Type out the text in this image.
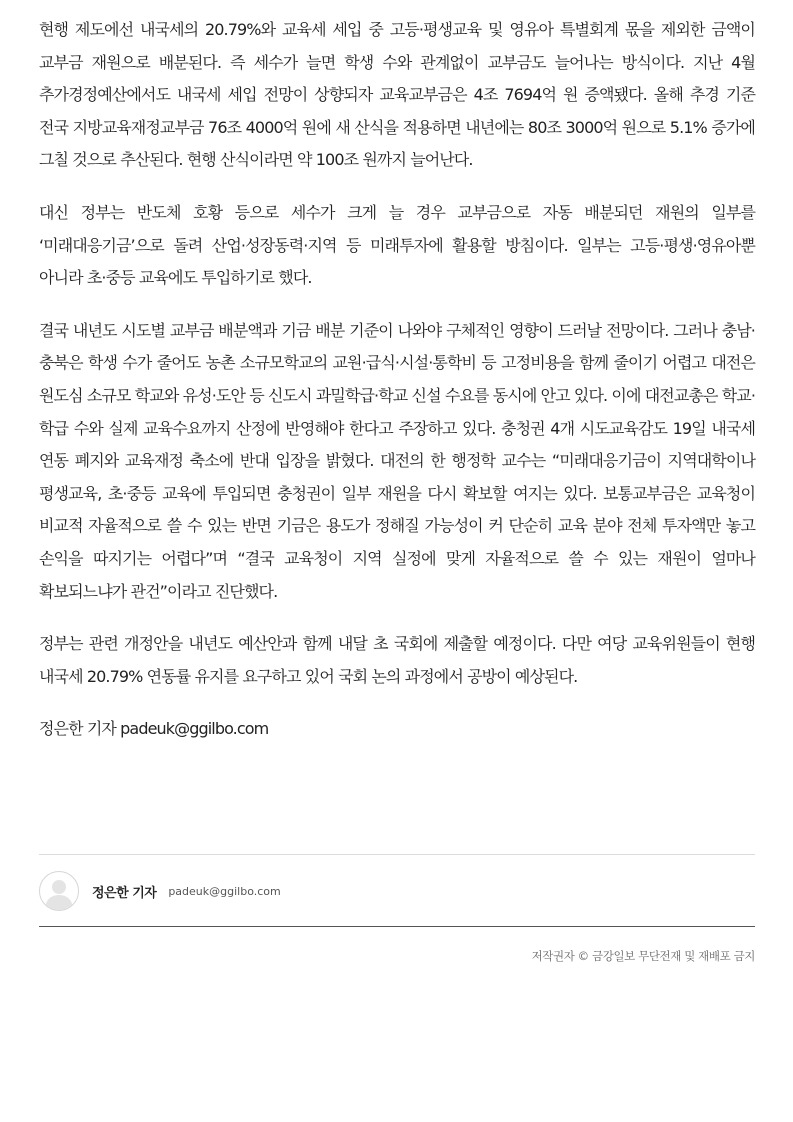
현행 제도에선 내국세의 20.79%와 교육세 세입 중 고등·평생교육 및 영유아 특별회계 몫을 제외한 금액이 교부금 재원으로 배분된다. 즉 세수가 늘면 학생 수와 관계없이 교부금도 늘어나는 방식이다. 지난 4월 추가경정예산에서도 내국세 세입 전망이 상향되자 교육교부금은 4조 7694억 원 증액됐다. 올해 추경 기준 전국 지방교육재정교부금 76조 4000억 원에 새 산식을 적용하면 내년에는 80조 3000억 원으로 5.1% 증가에 그칠 것으로 추산된다. 현행 산식이라면 약 100조 원까지 늘어난다.

대신 정부는 반도체 호황 등으로 세수가 크게 늘 경우 교부금으로 자동 배분되던 재원의 일부를 ‘미래대응기금’으로 돌려 산업·성장동력·지역 등 미래투자에 활용할 방침이다. 일부는 고등·평생·영유아뿐 아니라 초·중등 교육에도 투입하기로 했다.

결국 내년도 시도별 교부금 배분액과 기금 배분 기준이 나와야 구체적인 영향이 드러날 전망이다. 그러나 충남·충북은 학생 수가 줄어도 농촌 소규모학교의 교원·급식·시설·통학비 등 고정비용을 함께 줄이기 어렵고 대전은 원도심 소규모 학교와 유성·도안 등 신도시 과밀학급·학교 신설 수요를 동시에 안고 있다. 이에 대전교총은 학교·학급 수와 실제 교육수요까지 산정에 반영해야 한다고 주장하고 있다. 충청권 4개 시도교육감도 19일 내국세 연동 폐지와 교육재정 축소에 반대 입장을 밝혔다. 대전의 한 행정학 교수는 “미래대응기금이 지역대학이나 평생교육, 초·중등 교육에 투입되면 충청권이 일부 재원을 다시 확보할 여지는 있다. 보통교부금은 교육청이 비교적 자율적으로 쓸 수 있는 반면 기금은 용도가 정해질 가능성이 커 단순히 교육 분야 전체 투자액만 놓고 손익을 따지기는 어렵다”며 “결국 교육청이 지역 실정에 맞게 자율적으로 쓸 수 있는 재원이 얼마나 확보되느냐가 관건”이라고 진단했다.

정부는 관련 개정안을 내년도 예산안과 함께 내달 초 국회에 제출할 예정이다. 다만 여당 교육위원들이 현행 내국세 20.79% 연동률 유지를 요구하고 있어 국회 논의 과정에서 공방이 예상된다.

정은한 기자 padeuk@ggilbo.com

정은한 기자 padeuk@ggilbo.com
저작권자 © 금강일보 무단전재 및 재배포 금지
